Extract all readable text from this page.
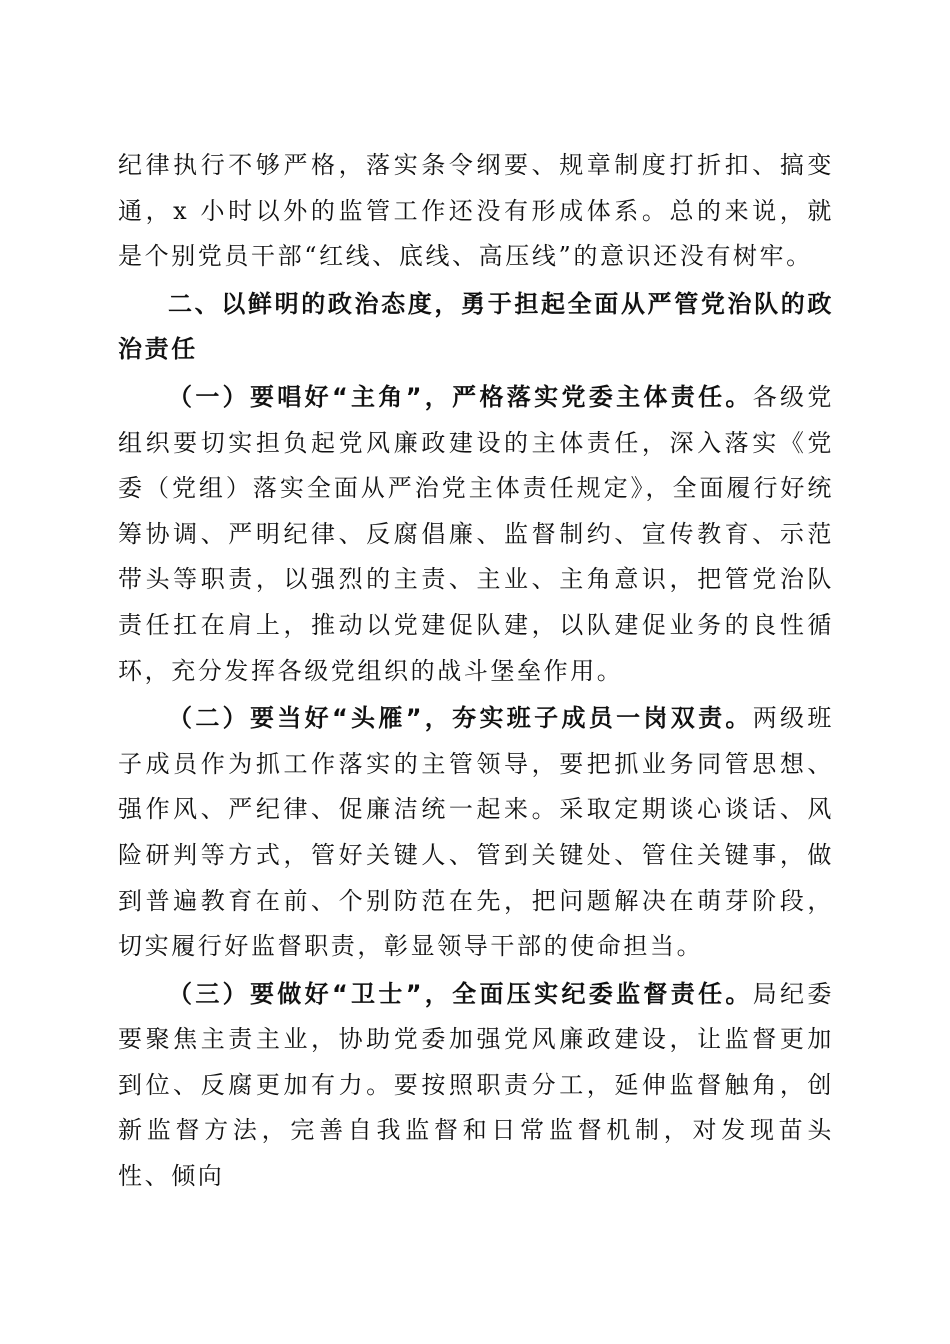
纪律执行不够严格，落实条令纲要、规章制度打折扣、搞变通，x 小时以外的监管工作还没有形成体系。总的来说，就是个别党员干部“红线、底线、高压线”的意识还没有树牢。

二、以鲜明的政治态度，勇于担起全面从严管党治队的政治责任

（一）要唱好“主角”，严格落实党委主体责任。各级党组织要切实担负起党风廉政建设的主体责任，深入落实《党委（党组）落实全面从严治党主体责任规定》，全面履行好统筹协调、严明纪律、反腐倡廉、监督制约、宣传教育、示范带头等职责，以强烈的主责、主业、主角意识，把管党治队责任扛在肩上，推动以党建促队建，以队建促业务的良性循环，充分发挥各级党组织的战斗堡垒作用。

（二）要当好“头雁”，夯实班子成员一岗双责。两级班子成员作为抓工作落实的主管领导，要把抓业务同管思想、强作风、严纪律、促廉洁统一起来。采取定期谈心谈话、风险研判等方式，管好关键人、管到关键处、管住关键事，做到普遍教育在前、个别防范在先，把问题解决在萌芽阶段，切实履行好监督职责，彰显领导干部的使命担当。

（三）要做好“卫士”，全面压实纪委监督责任。局纪委要聚焦主责主业，协助党委加强党风廉政建设，让监督更加到位、反腐更加有力。要按照职责分工，延伸监督触角，创新监督方法，完善自我监督和日常监督机制，对发现苗头性、倾向
